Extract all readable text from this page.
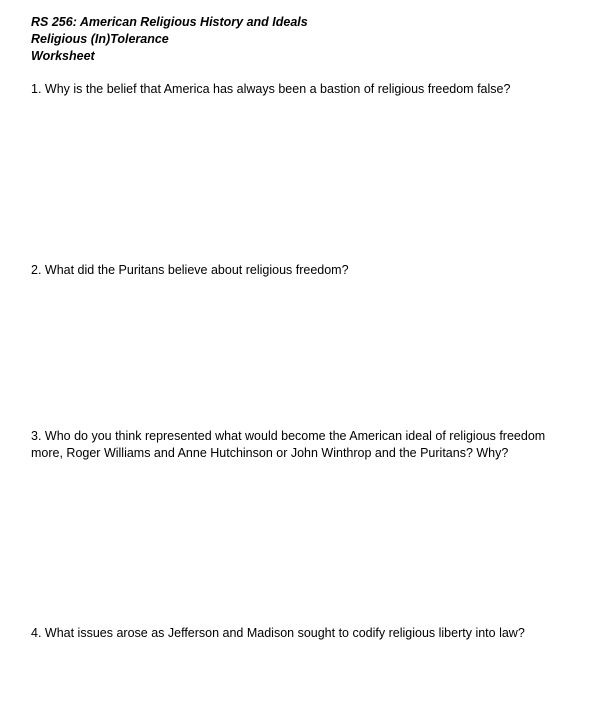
RS 256: American Religious History and Ideals
Religious (In)Tolerance
Worksheet
1. Why is the belief that America has always been a bastion of religious freedom false?
2. What did the Puritans believe about religious freedom?
3. Who do you think represented what would become the American ideal of religious freedom
more, Roger Williams and Anne Hutchinson or John Winthrop and the Puritans? Why?
4. What issues arose as Jefferson and Madison sought to codify religious liberty into law?
